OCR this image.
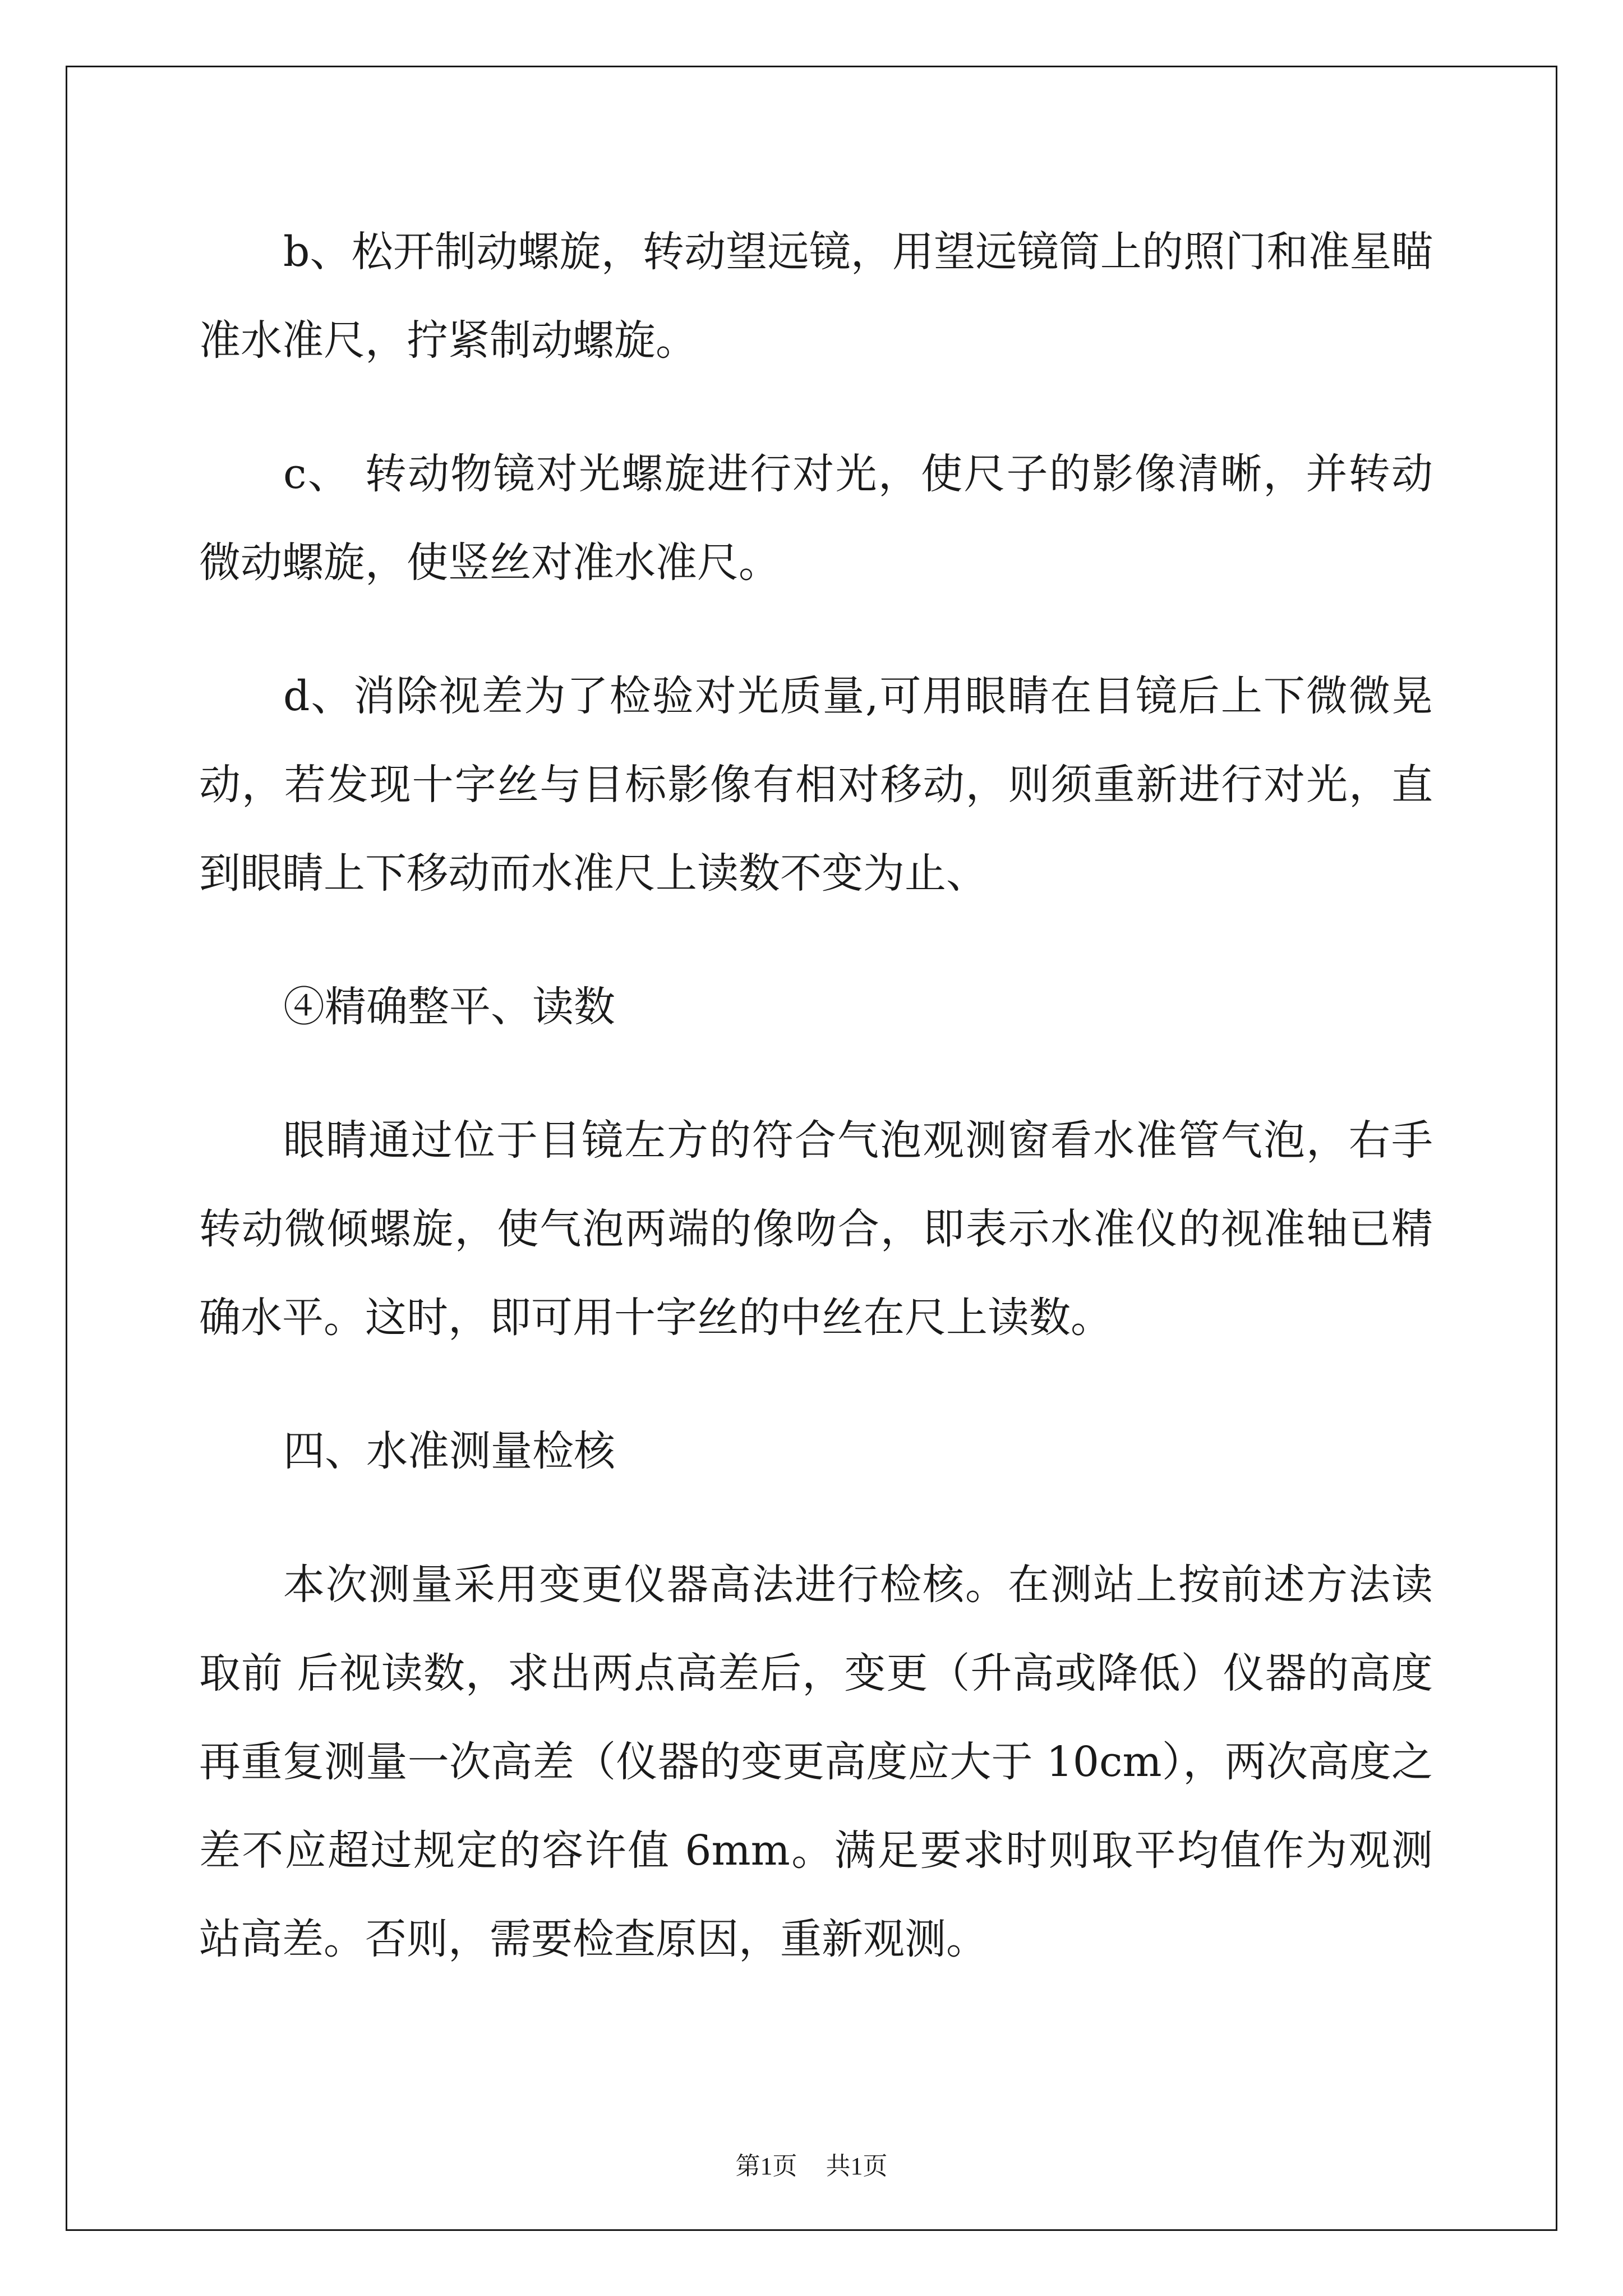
b、松开制动螺旋，转动望远镜，用望远镜筒上的照门和准星瞄准水准尺，拧紧制动螺旋。

c、 转动物镜对光螺旋进行对光，使尺子的影像清晰，并转动微动螺旋，使竖丝对准水准尺。

d、消除视差为了检验对光质量,可用眼睛在目镜后上下微微晃动，若发现十字丝与目标影像有相对移动，则须重新进行对光，直到眼睛上下移动而水准尺上读数不变为止、

④精确整平、读数

眼睛通过位于目镜左方的符合气泡观测窗看水准管气泡，右手转动微倾螺旋，使气泡两端的像吻合，即表示水准仪的视准轴已精确水平。这时，即可用十字丝的中丝在尺上读数。

四、水准测量检核

本次测量采用变更仪器高法进行检核。在测站上按前述方法读取前 后视读数，求出两点高差后，变更（升高或降低）仪器的高度再重复测量一次高差（仪器的变更高度应大于 10cm），两次高度之差不应超过规定的容许值 6mm。满足要求时则取平均值作为观测站高差。否则，需要检查原因，重新观测。

第1页 共1页
